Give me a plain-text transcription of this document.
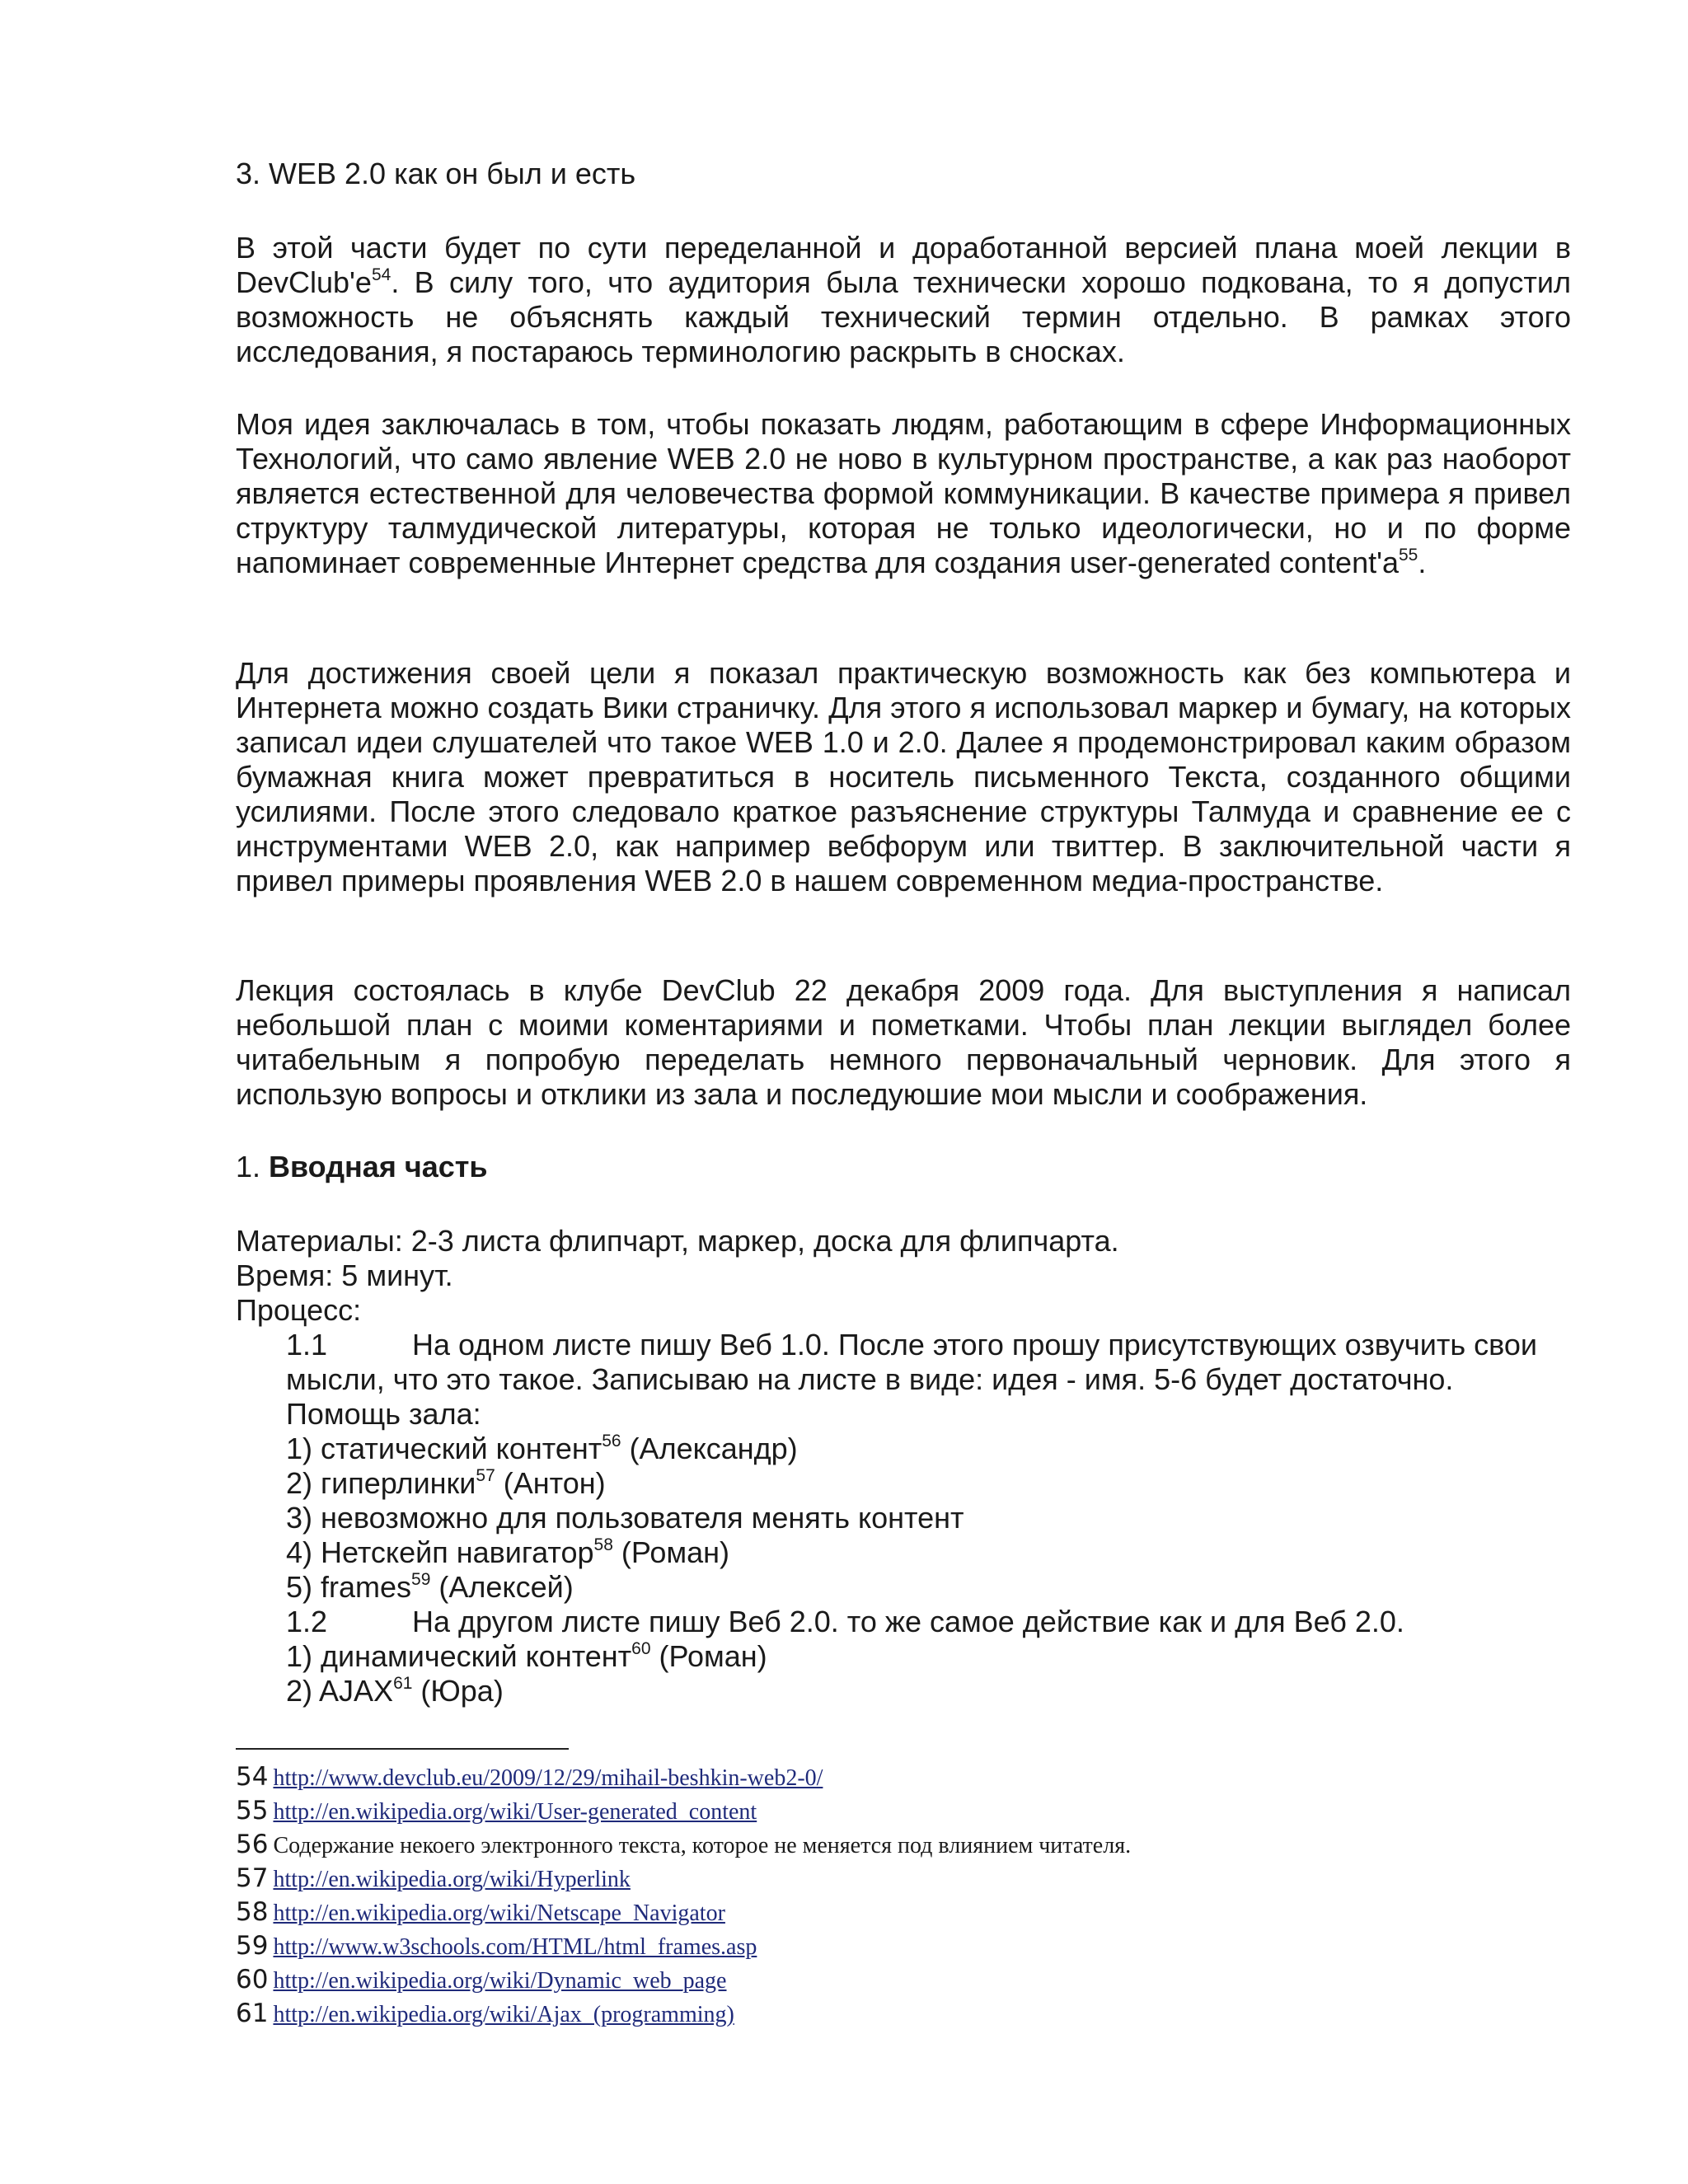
3. WEB 2.0 как он был и есть

В этой части будет по сути переделанной и доработанной версией плана моей лекции в $DevClub'e^{54}$. В силу того, что аудитория была технически хорошо подкована, то я допустил возможность не объяснять каждый технический термин отдельно. В рамках этого исследования, я постараюсь терминологию раскрыть в сносках.

Моя идея заключалась в том, чтобы показать людям, работающим в сфере Информационных Технологий, что само явление WEB 2.0 не ново в культурном пространстве, а как раз наоборот является естественной для человечества формой коммуникации. В качестве примера я привел структуру талмудической литературы, которая не только идеологически, но и по форме напоминает современные Интернет средства для создания user-generated $content'а^{55}$.

Для достижения своей цели я показал практическую возможность как без компьютера и Интернета можно создать Вики страничку. Для этого я использовал маркер и бумагу, на которых записал идеи слушателей что такое WEB 1.0 и 2.0. Далее я продемонстрировал каким образом бумажная книга может превратиться в носитель письменного Текста, созданного общими усилиями. После этого следовало краткое разъяснение структуры Талмуда и сравнение ее с инструментами WEB 2.0, как например вебфорум или твиттер. В заключительной части я привел примеры проявления WEB 2.0 в нашем современном медиа-пространстве.

Лекция состоялась в клубе DevClub 22 декабря 2009 года. Для выступления я написал небольшой план с моими коментариями и пометками. Чтобы план лекции выглядел более читабельным я попробую переделать немного первоначальный черновик. Для этого я использую вопросы и отклики из зала и последуюшие мои мысли и соображения.

1. Вводная часть

Материалы: 2-3 листа флипчарт, маркер, доска для флипчарта.
Время: 5 минут.
Процесс:
1.1	На одном листе пишу Веб 1.0. После этого прошу присутствующих озвучить свои
мысли, что это такое. Записываю на листе в виде: идея - имя. 5-6 будет достаточно.
Помощь зала:
1) статический контент$^{56}$ (Александр)
2) гиперлинки$^{57}$ (Антон)
3) невозможно для пользователя менять контент
4) Нетскейп навигатор$^{58}$ (Роман)
5) frames$^{59}$ (Алексей)
1.2	На другом листе пишу Веб 2.0. то же самое действие как и для Веб 2.0.
1) динамический контент$^{60}$ (Роман)
2) AJAX$^{61}$ (Юра)
54 http://www.devclub.eu/2009/12/29/mihail-beshkin-web2-0/
55 http://en.wikipedia.org/wiki/User-generated_content
56 Содержание некоего электронного текста, которое не меняется под влиянием читателя.
57 http://en.wikipedia.org/wiki/Hyperlink
58 http://en.wikipedia.org/wiki/Netscape_Navigator
59 http://www.w3schools.com/HTML/html_frames.asp
60 http://en.wikipedia.org/wiki/Dynamic_web_page
61 http://en.wikipedia.org/wiki/Ajax_(programming)
